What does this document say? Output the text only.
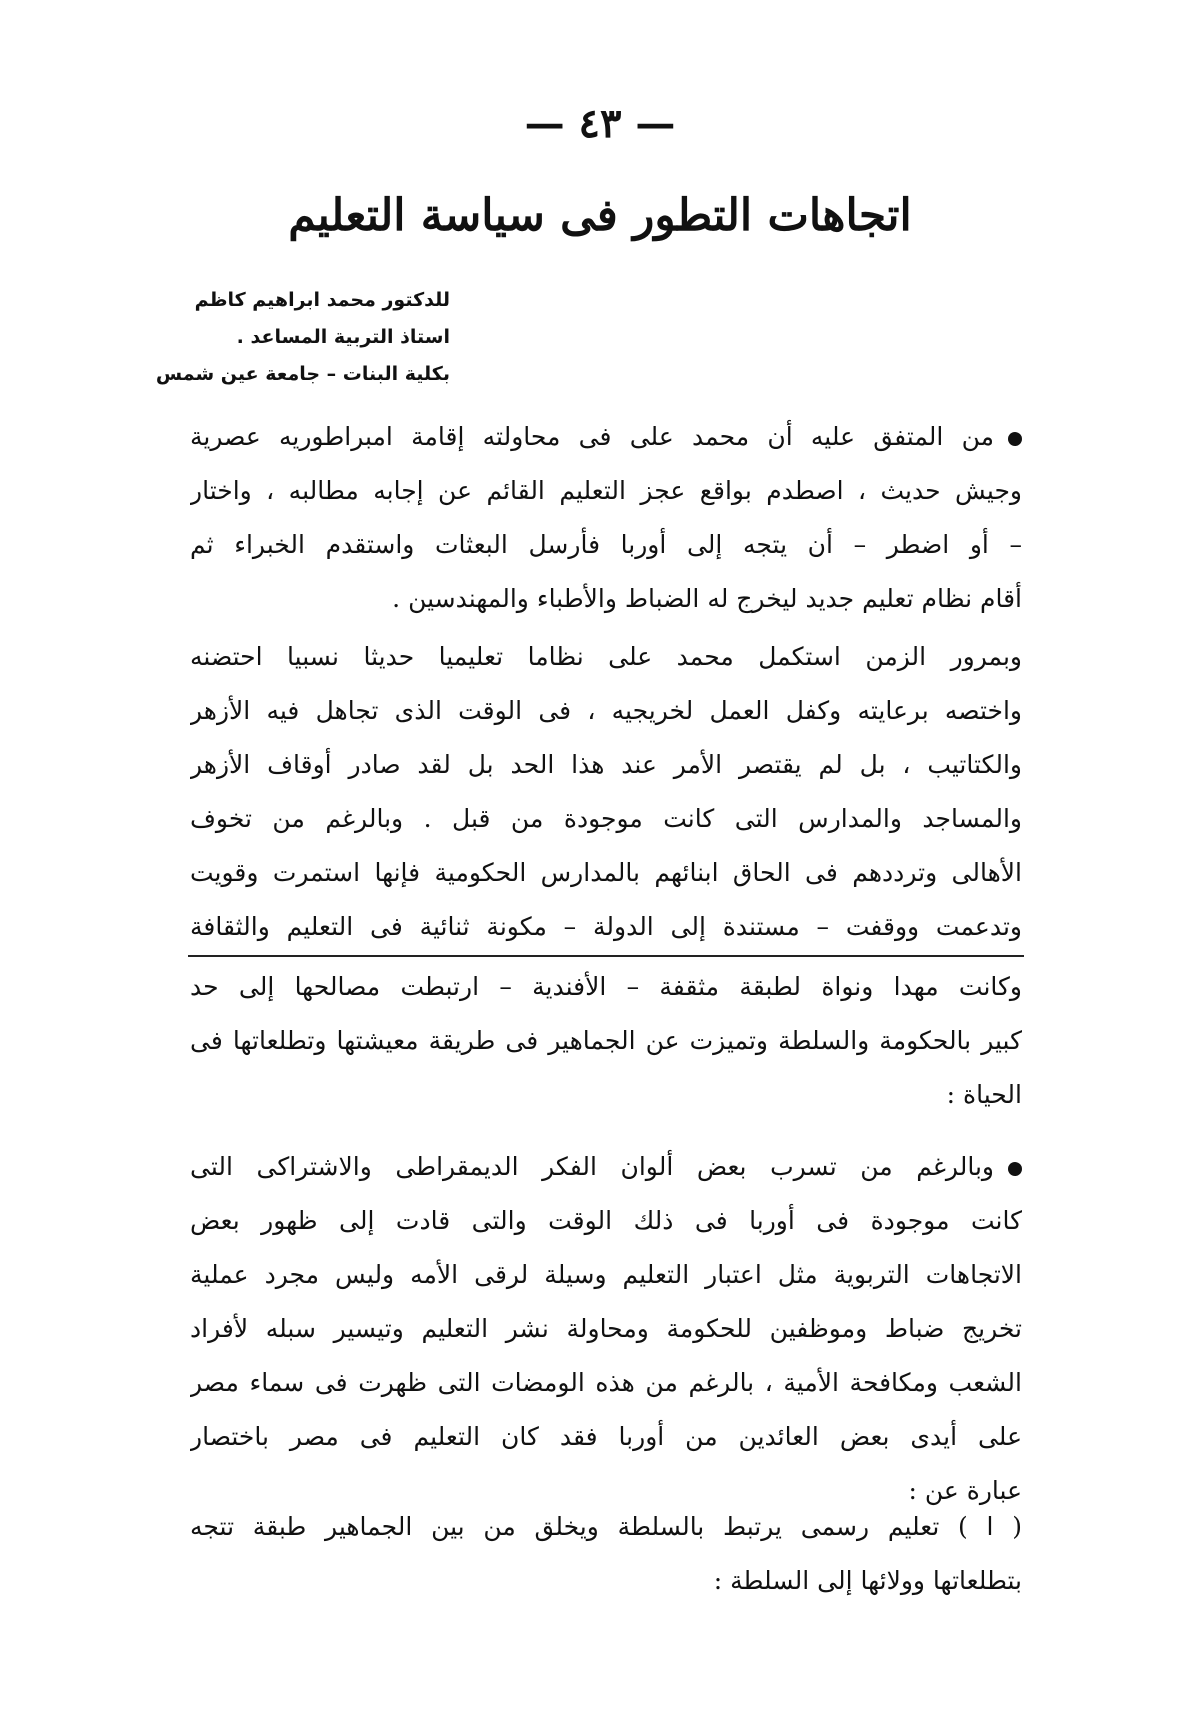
— ٤٣ —
اتجاهات التطور فى سياسة التعليم
للدكتور محمد ابراهيم كاظم
استاذ التربية المساعد .
بكلية البنات – جامعة عين شمس
من المتفق عليه أن محمد على فى محاولته إقامة امبراطوريه عصرية
وجيش حديث ، اصطدم بواقع عجز التعليم القائم عن إجابه مطالبه ، واختار
– أو اضطر – أن يتجه إلى أوربا فأرسل البعثات واستقدم الخبراء ثم
أقام نظام تعليم جديد ليخرج له الضباط والأطباء والمهندسين .
وبمرور الزمن استكمل محمد على نظاما تعليميا حديثا نسبيا احتضنه
واختصه برعايته وكفل العمل لخريجيه ، فى الوقت الذى تجاهل فيه الأزهر
والكتاتيب ، بل لم يقتصر الأمر عند هذا الحد بل لقد صادر أوقاف الأزهر
والمساجد والمدارس التى كانت موجودة من قبل . وبالرغم من تخوف
الأهالى وترددهم فى الحاق ابنائهم بالمدارس الحكومية فإنها استمرت وقويت
وتدعمت ووقفت – مستندة إلى الدولة – مكونة ثنائية فى التعليم والثقافة
وكانت مهدا ونواة لطبقة مثقفة – الأفندية – ارتبطت مصالحها إلى حد
كبير بالحكومة والسلطة وتميزت عن الجماهير فى طريقة معيشتها وتطلعاتها فى
الحياة :
وبالرغم من تسرب بعض ألوان الفكر الديمقراطى والاشتراكى التى
كانت موجودة فى أوربا فى ذلك الوقت والتى قادت إلى ظهور بعض
الاتجاهات التربوية مثل اعتبار التعليم وسيلة لرقى الأمه وليس مجرد عملية
تخريج ضباط وموظفين للحكومة ومحاولة نشر التعليم وتيسير سبله لأفراد
الشعب ومكافحة الأمية ، بالرغم من هذه الومضات التى ظهرت فى سماء مصر
على أيدى بعض العائدين من أوربا فقد كان التعليم فى مصر باختصار
عبارة عن :
( ا ) تعليم رسمى يرتبط بالسلطة ويخلق من بين الجماهير طبقة تتجه
بتطلعاتها وولائها إلى السلطة :
